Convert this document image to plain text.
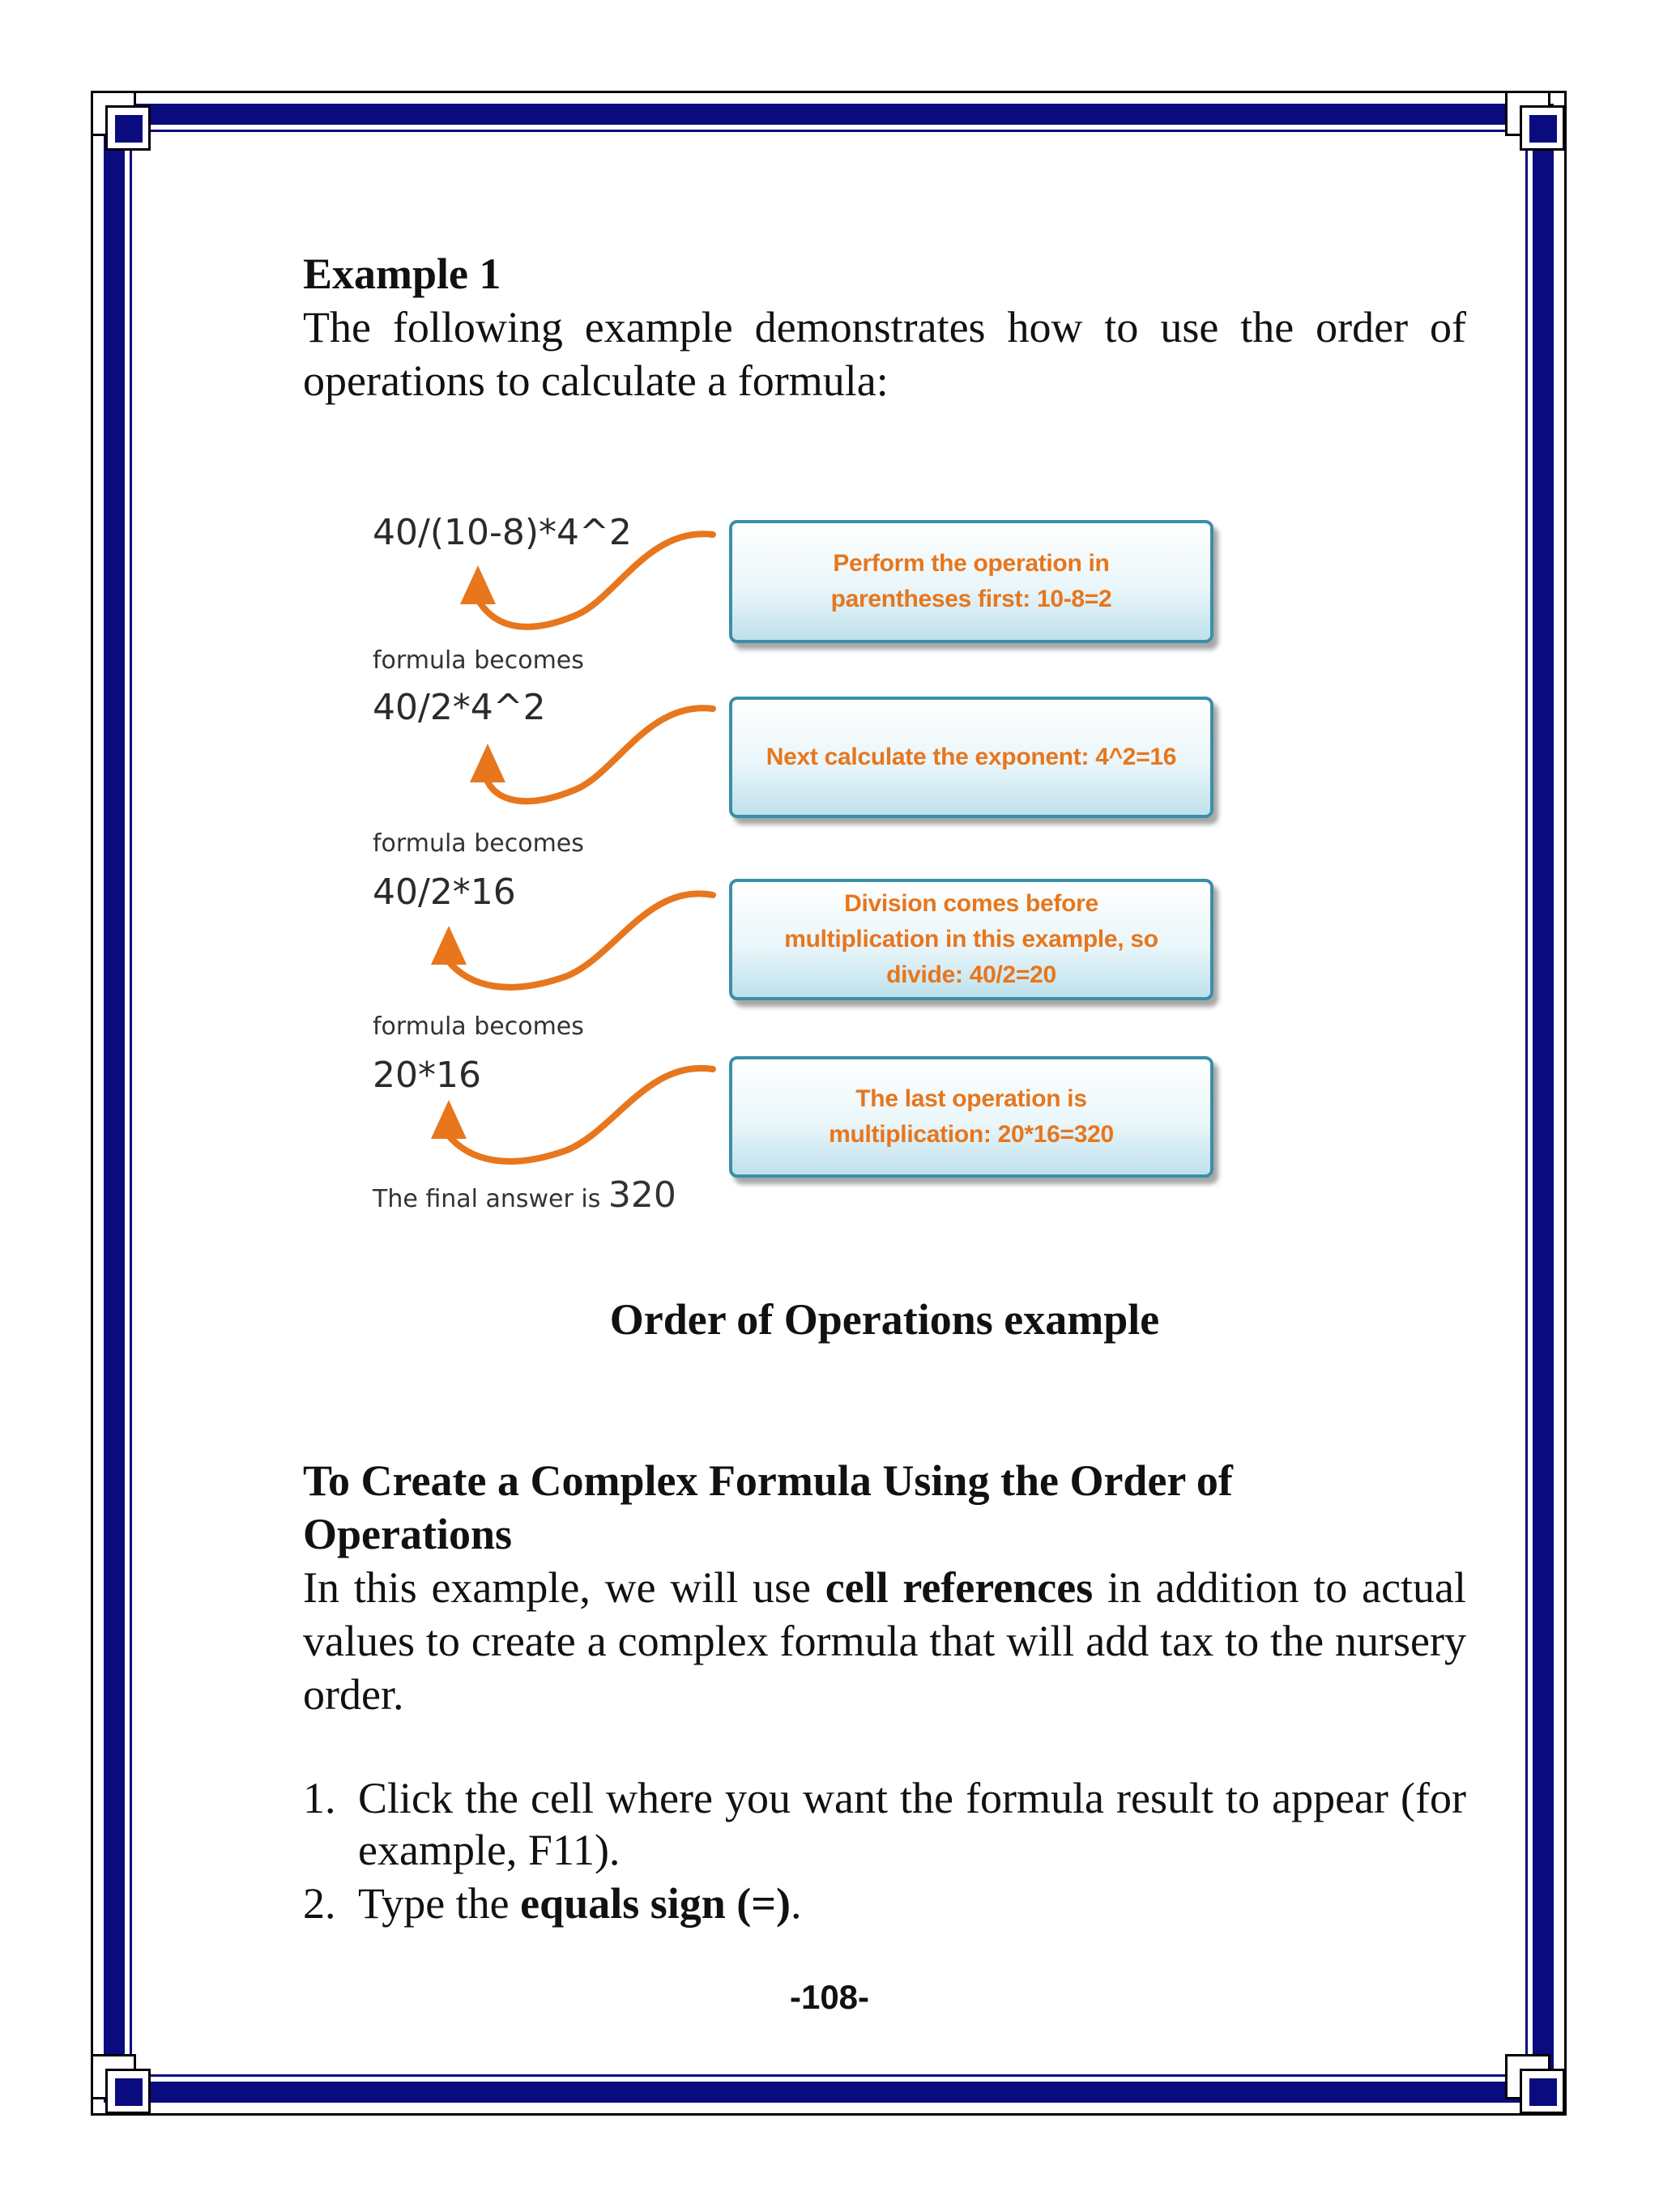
Example 1
The following example demonstrates how to use the order of operations to calculate a formula:
40/(10-8)*4^2
formula becomes
40/2*4^2
formula becomes
40/2*16
formula becomes
20*16
The final answer is 320
Perform the operation in parentheses first: 10-8=2
Next calculate the exponent: 4^2=16
Division comes before multiplication in this example, so divide: 40/2=20
The last operation is multiplication: 20*16=320
Order of Operations example
To Create a Complex Formula Using the Order of Operations
In this example, we will use cell references in addition to actual values to create a complex formula that will add tax to the nursery order.
1. Click the cell where you want the formula result to appear (for example, F11).
2. Type the equals sign (=).
-108-
